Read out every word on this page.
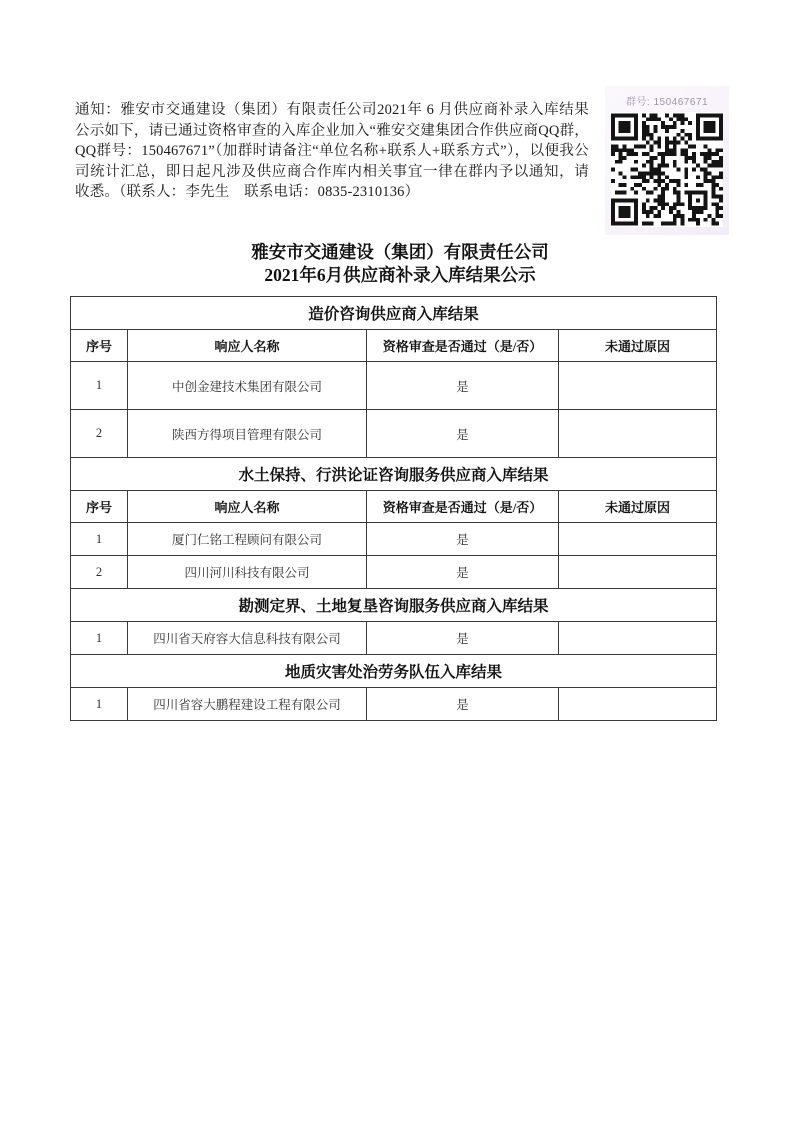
通知：雅安市交通建设（集团）有限责任公司2021年 6 月供应商补录入库结果公示如下，请已通过资格审查的入库企业加入“雅安交建集团合作供应商QQ群，QQ群号：150467671”（加群时请备注“单位名称+联系人+联系方式”），以便我公司统计汇总，即日起凡涉及供应商合作库内相关事宜一律在群内予以通知，请收悉。（联系人：李先生　联系电话：0835-2310136）
群号: 150467671
雅安市交通建设（集团）有限责任公司
2021年6月供应商补录入库结果公示
造价咨询供应商入库结果			
序号	响应人名称	资格审查是否通过（是/否）	未通过原因
1	中创金建技术集团有限公司	是	
2	陕西方得项目管理有限公司	是	
水土保持、行洪论证咨询服务供应商入库结果			
序号	响应人名称	资格审查是否通过（是/否）	未通过原因
1	厦门仁铭工程顾问有限公司	是	
2	四川河川科技有限公司	是	
勘测定界、土地复垦咨询服务供应商入库结果			
1	四川省天府容大信息科技有限公司	是	
地质灾害处治劳务队伍入库结果			
1	四川省容大鹏程建设工程有限公司	是	
